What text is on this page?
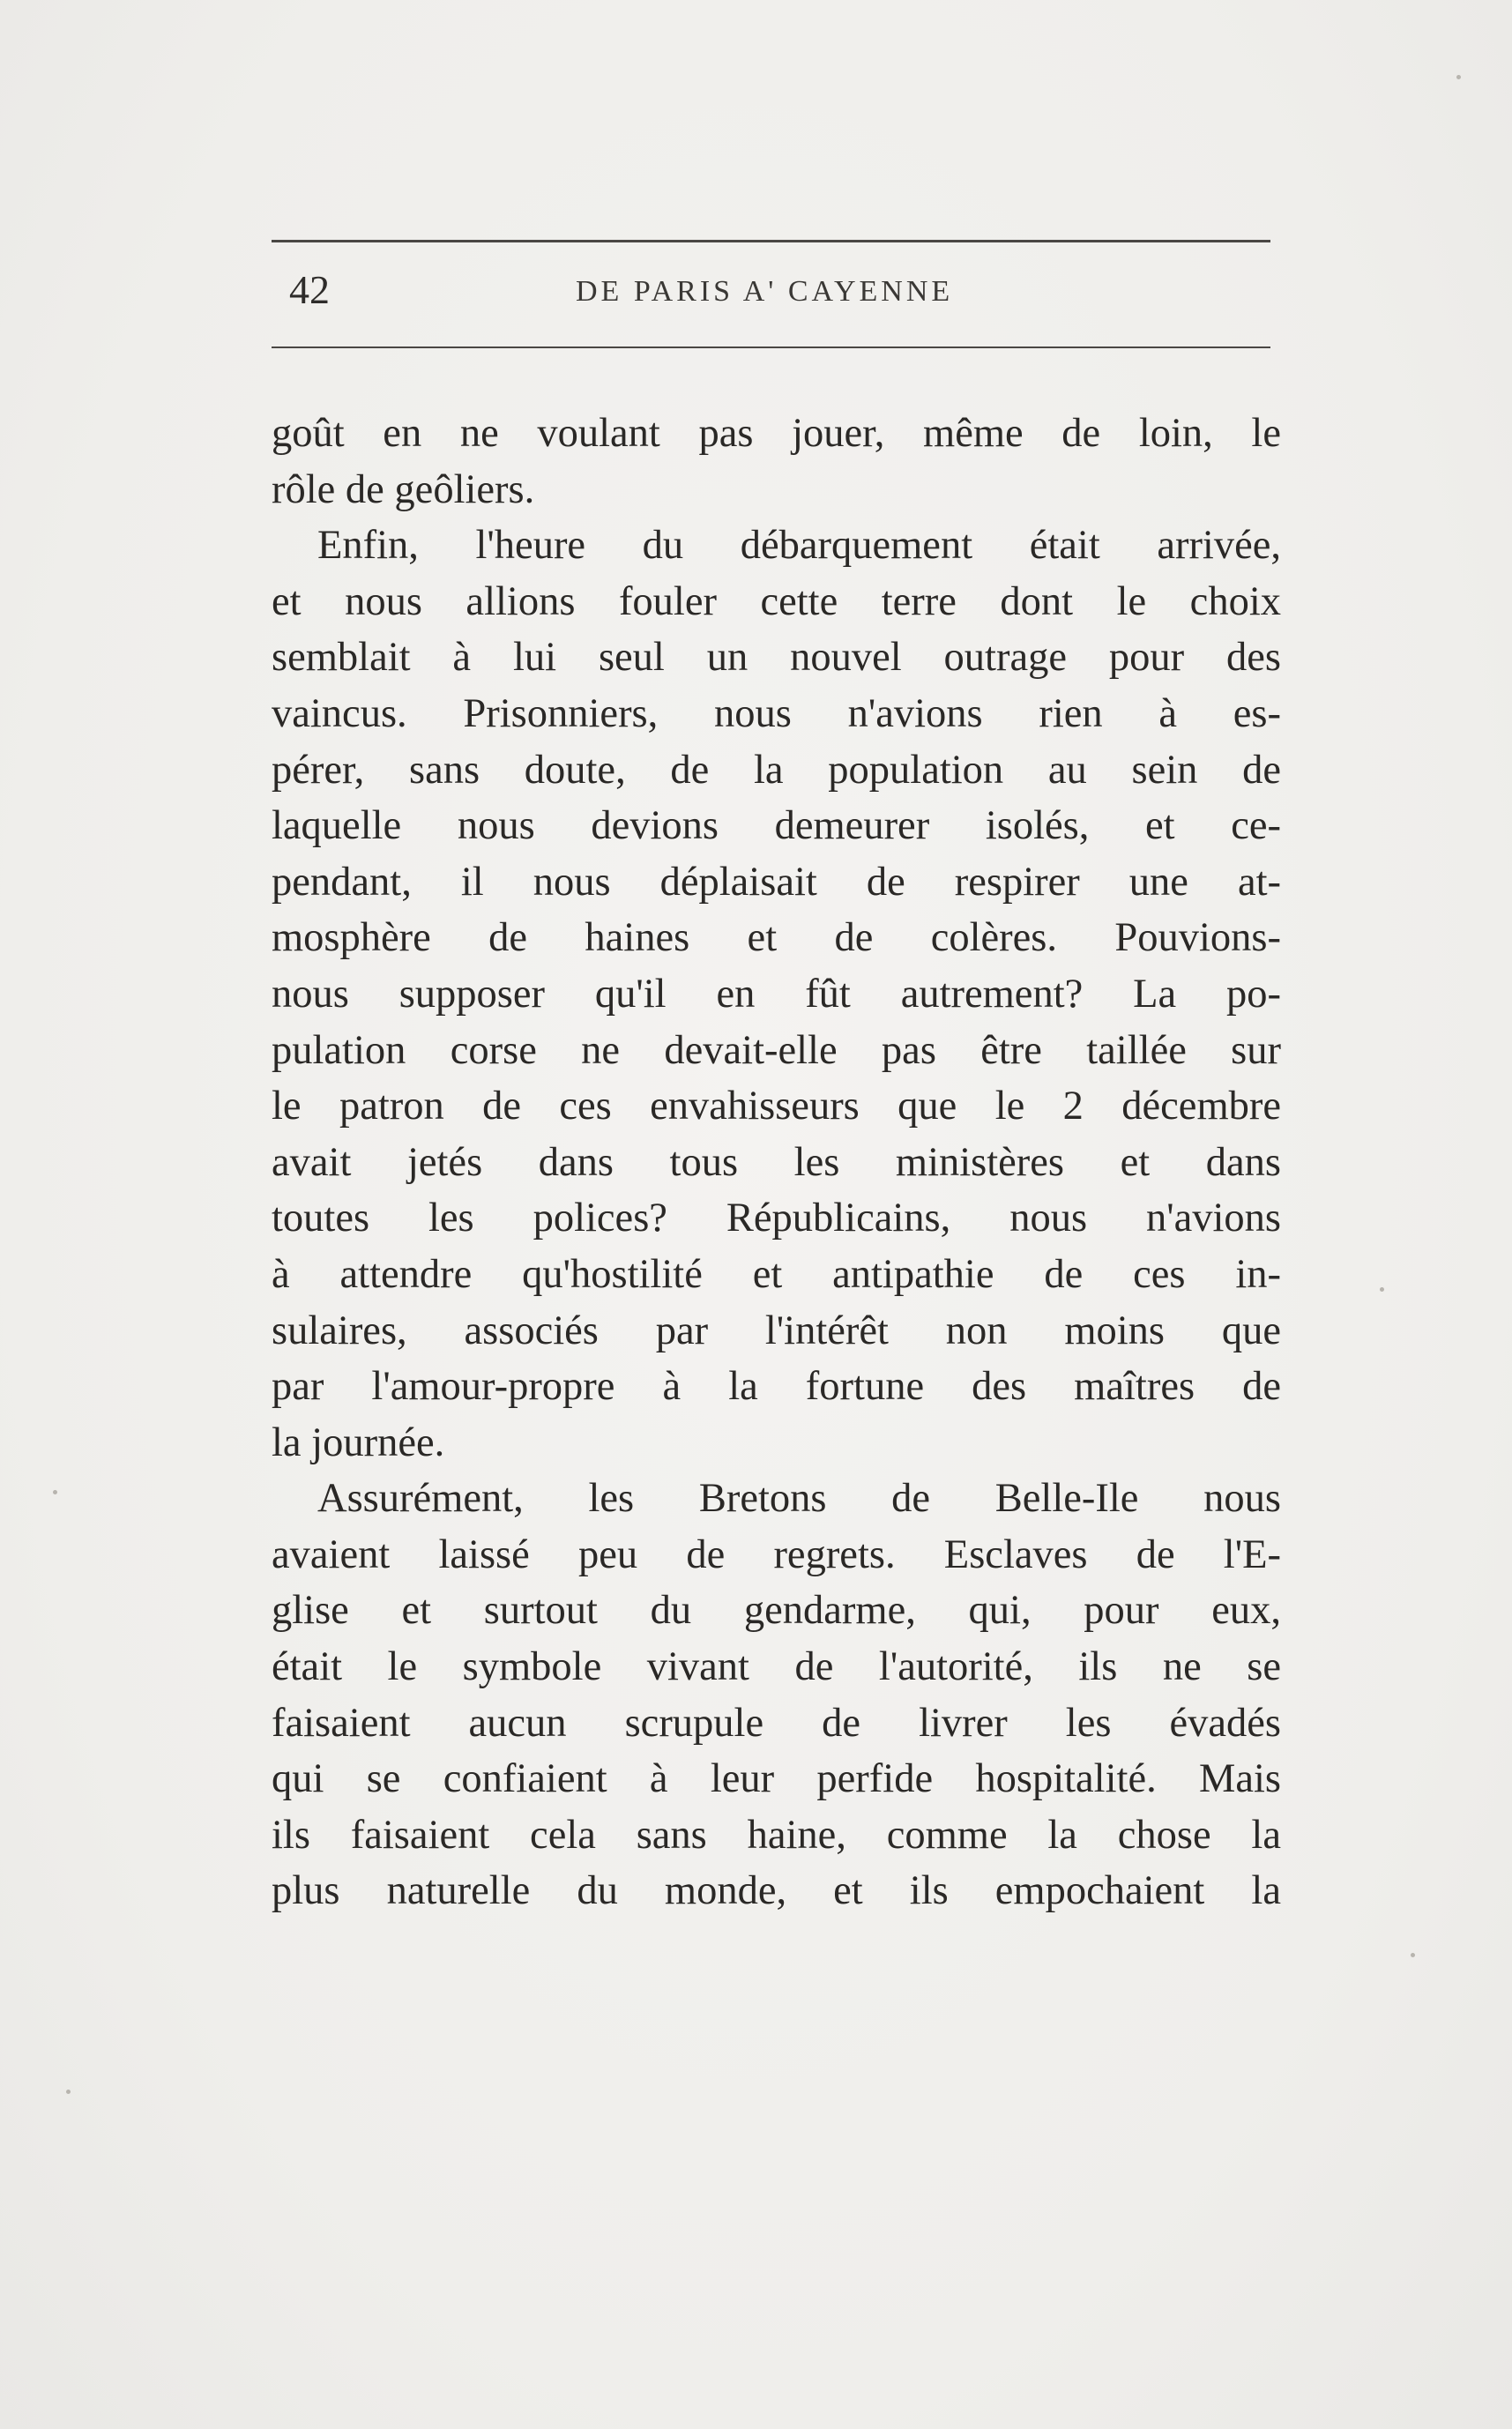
42	DE PARIS A' CAYENNE
goût en ne voulant pas jouer, même de loin, le
rôle de geôliers.
Enfin, l'heure du débarquement était arrivée,
et nous allions fouler cette terre dont le choix
semblait à lui seul un nouvel outrage pour des
vaincus. Prisonniers, nous n'avions rien à es-
pérer, sans doute, de la population au sein de
laquelle nous devions demeurer isolés, et ce-
pendant, il nous déplaisait de respirer une at-
mosphère de haines et de colères. Pouvions-
nous supposer qu'il en fût autrement? La po-
pulation corse ne devait-elle pas être taillée sur
le patron de ces envahisseurs que le 2 décembre
avait jetés dans tous les ministères et dans
toutes les polices? Républicains, nous n'avions
à attendre qu'hostilité et antipathie de ces in-
sulaires, associés par l'intérêt non moins que
par l'amour-propre à la fortune des maîtres de
la journée.
Assurément, les Bretons de Belle-Ile nous
avaient laissé peu de regrets. Esclaves de l'E-
glise et surtout du gendarme, qui, pour eux,
était le symbole vivant de l'autorité, ils ne se
faisaient aucun scrupule de livrer les évadés
qui se confiaient à leur perfide hospitalité. Mais
ils faisaient cela sans haine, comme la chose la
plus naturelle du monde, et ils empochaient la
